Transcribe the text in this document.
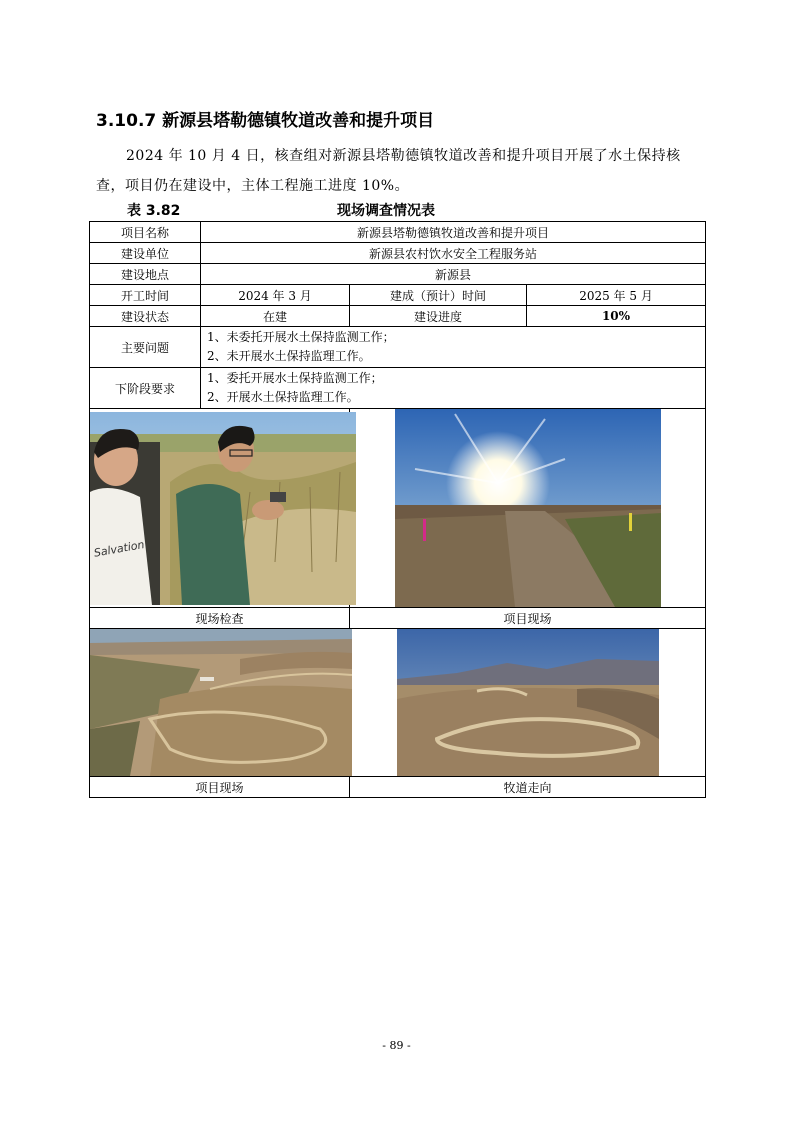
3.10.7 新源县塔勒德镇牧道改善和提升项目
2024 年 10 月 4 日，核查组对新源县塔勒德镇牧道改善和提升项目开展了水土保持核查，项目仍在建设中，主体工程施工进度 10%。
表 3.82	现场调查情况表
项目名称	新源县塔勒德镇牧道改善和提升项目		
建设单位	新源县农村饮水安全工程服务站		
建设地点	新源县		
开工时间	2024 年 3 月	建成（预计）时间	2025 年 5 月
建设状态	在建	建设进度	10%
主要问题	1、未委托开展水土保持监测工作；
2、未开展水土保持监理工作。		

下阶段要求	1、委托开展水土保持监测工作；
2、开展水土保持监理工作。		

Salvation

现场检查		项目现场	

项目现场		牧道走向	
- 89 -
